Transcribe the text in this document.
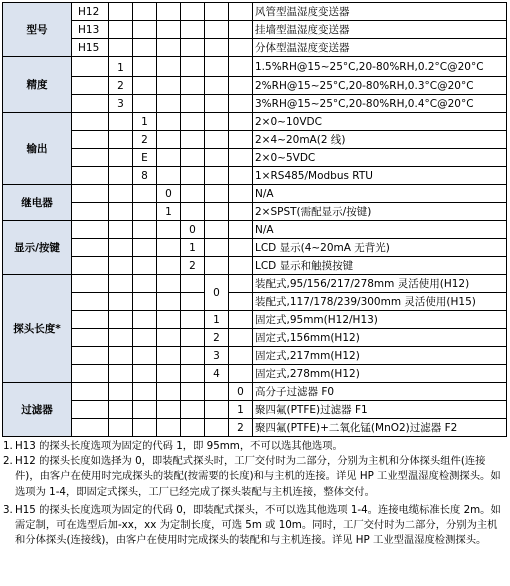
型号	H12							风管型温湿度变送器
	H13							挂墙型温湿度变送器
	H15							分体型温湿度变送器
精度		1						1.5%RH@15~25°C,20-80%RH,0.2°C@20°C
		2						2%RH@15~25°C,20-80%RH,0.3°C@20°C
		3						3%RH@15~25°C,20-80%RH,0.4°C@20°C
输出			1					2×0~10VDC
			2					2×4~20mA(2 线)
			E					2×0~5VDC
			8					1×RS485/Modbus RTU
继电器				0				N/A
				1				2×SPST(需配显示/按键)
显示/按键					0			N/A
					1			LCD 显示(4~20mA 无背光)
					2			LCD 显示和触摸按键
探头长度*						0		装配式,95/156/217/278mm 灵活使用(H12)
								装配式,117/178/239/300mm 灵活使用(H15)
						1		固定式,95mm(H12/H13)
						2		固定式,156mm(H12)
						3		固定式,217mm(H12)
						4		固定式,278mm(H12)
过滤器							0	高分子过滤器 F0
							1	聚四氟(PTFE)过滤器 F1
							2	聚四氟(PTFE)+二氧化锰(MnO2)过滤器 F2
1. H13 的探头长度选项为固定的代码 1，即 95mm，不可以选其他选项。
2. H12 的探头长度如选择为 0，即装配式探头时，工厂交付时为二部分，分别为主机和分体探头组件(连接件)，由客户在使用时完成探头的装配(按需要的长度)和与主机的连接。详见 HP 工业型温湿度检测探头。如选项为 1-4，即固定式探头，工厂已经完成了探头装配与主机连接，整体交付。
3. H15 的探头长度选项为固定的代码 0，即装配式探头，不可以选其他选项 1-4。连接电缆标准长度 2m。如需定制，可在选型后加-xx，xx 为定制长度，可选 5m 或 10m。同时，工厂交付时为二部分，分别为主机和分体探头(连接线)，由客户在使用时完成探头的装配和与主机连接。详见 HP 工业型温湿度检测探头。
